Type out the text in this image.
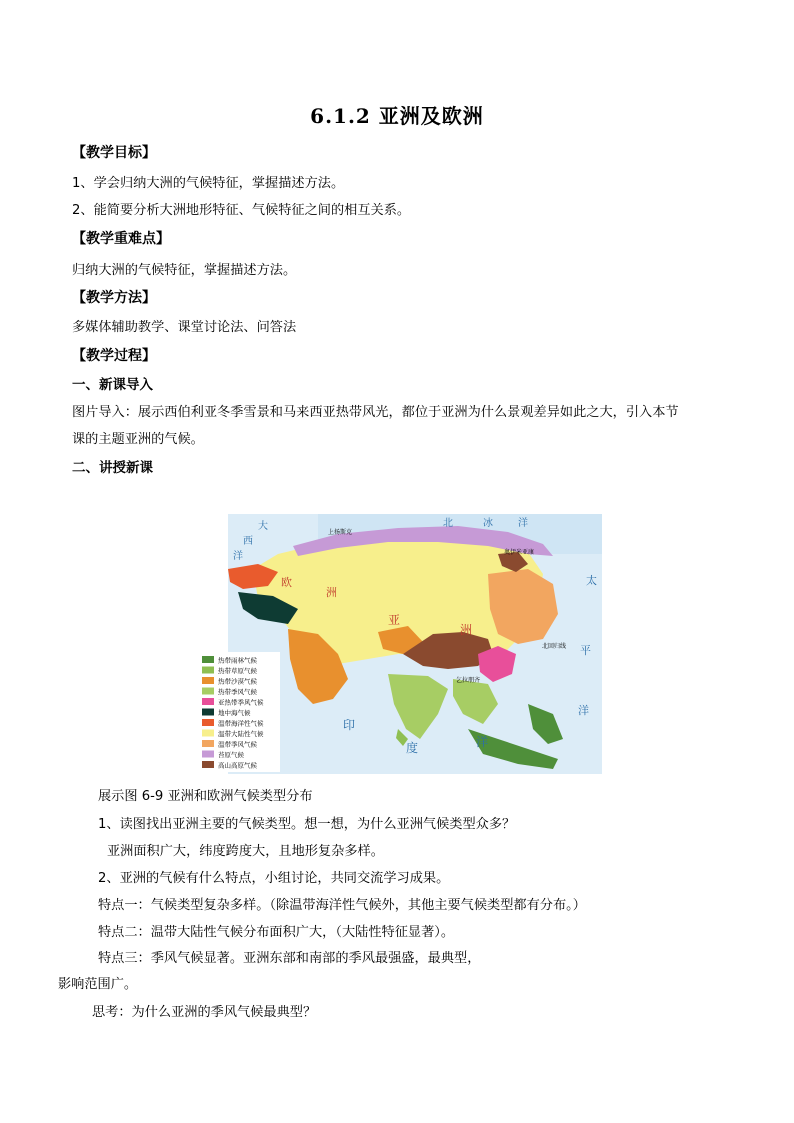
6.1.2 亚洲及欧洲
【教学目标】
1、学会归纳大洲的气候特征，掌握描述方法。
2、能简要分析大洲地形特征、气候特征之间的相互关系。
【教学重难点】
归纳大洲的气候特征，掌握描述方法。
【教学方法】
多媒体辅助教学、课堂讨论法、问答法
【教学过程】
一、新课导入
图片导入：展示西伯利亚冬季雪景和马来西亚热带风光，都位于亚洲为什么景观差异如此之大，引入本节
课的主题亚洲的气候。
二、讲授新课
亚
洲
欧
洲
大
西
洋
北	冰	洋
太
平
洋
印
度	洋
奥伊米亚康
上扬斯克
乞拉朋齐
北回归线
热带雨林气候
热带草原气候
热带沙漠气候
热带季风气候
亚热带季风气候
地中海气候
温带海洋性气候
温带大陆性气候
温带季风气候
苔原气候
高山高原气候
展示图 6-9 亚洲和欧洲气候类型分布
1、读图找出亚洲主要的气候类型。想一想，为什么亚洲气候类型众多？
亚洲面积广大，纬度跨度大，且地形复杂多样。
2、亚洲的气候有什么特点，小组讨论，共同交流学习成果。
特点一：气候类型复杂多样。（除温带海洋性气候外，其他主要气候类型都有分布。）
特点二：温带大陆性气候分布面积广大，（大陆性特征显著）。
特点三：季风气候显著。亚洲东部和南部的季风最强盛，最典型，
影响范围广。
思考：为什么亚洲的季风气候最典型？
